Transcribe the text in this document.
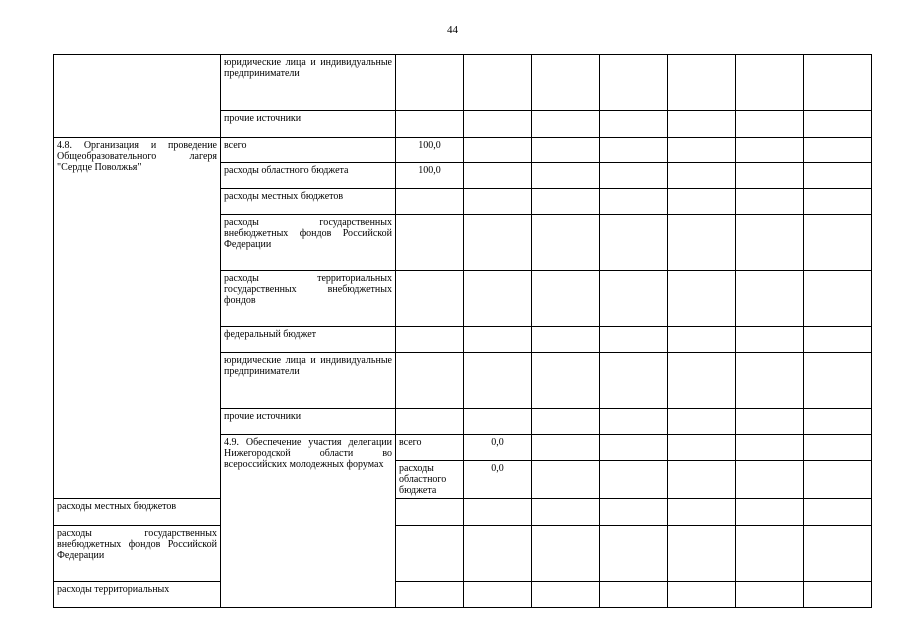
44
	юридические лица и индивидуальные предприниматели								
	прочие источники								
4.8. Организация и проведение Общеобразовательного лагеря "Сердце Поволжья"	всего	100,0							
	расходы областного бюджета	100,0							
	расходы местных бюджетов								
	расходы государственных внебюджетных фондов Российской Федерации								
	расходы территориальных государственных внебюджетных фондов								
	федеральный бюджет								
	юридические лица и индивидуальные предприниматели								
	прочие источники								
	4.9. Обеспечение участия делегации Нижегородской области во всероссийских молодежных форумах	всего	0,0						
		расходы областного бюджета	0,0						
расходы местных бюджетов									
расходы государственных внебюджетных фондов Российской Федерации									
расходы территориальных									
